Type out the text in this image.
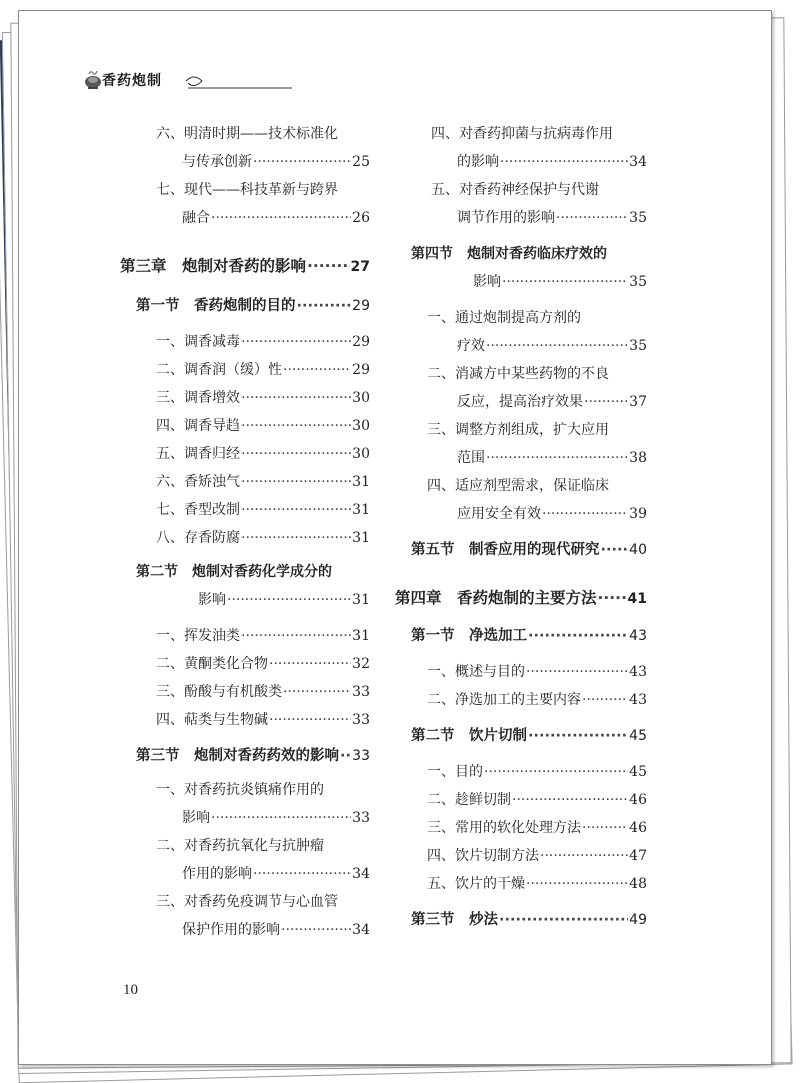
香药炮制
六、明清时期——技术标准化
与传承创新 ·····	25
七、现代——科技革新与跨界
融合 ·····	26
第三章　炮制对香药的影响 ·····	27
第一节　香药炮制的目的 ·····	29
一、调香减毒 ·····	29
二、调香润（缓）性 ·····	29
三、调香增效 ·····	30
四、调香导趋 ·····	30
五、调香归经 ·····	30
六、香矫浊气 ·····	31
七、香型改制 ·····	31
八、存香防腐 ·····	31
第二节　炮制对香药化学成分的
影响 ·····	31
一、挥发油类 ·····	31
二、黄酮类化合物 ·····	32
三、酚酸与有机酸类 ·····	33
四、萜类与生物碱 ·····	33
第三节　炮制对香药药效的影响 ····· 33
一、对香药抗炎镇痛作用的
影响 ·····	33
二、对香药抗氧化与抗肿瘤
作用的影响 ·····	34
三、对香药免疫调节与心血管
保护作用的影响 ·····	34
四、对香药抑菌与抗病毒作用
的影响 ·····	34
五、对香药神经保护与代谢
调节作用的影响 ·····	35
第四节　炮制对香药临床疗效的
影响 ·····	35
一、通过炮制提高方剂的
疗效 ·····	35
二、消减方中某些药物的不良
反应，提高治疗效果 ·····	37
三、调整方剂组成，扩大应用
范围 ·····	38
四、适应剂型需求，保证临床
应用安全有效 ·····	39
第五节　制香应用的现代研究 ····· 40
第四章　香药炮制的主要方法 ····· 41
第一节　净选加工 ·····	43
一、概述与目的 ·····	43
二、净选加工的主要内容 ·····	43
第二节　饮片切制 ·····	45
一、目的 ·····	45
二、趁鲜切制 ·····	46
三、常用的软化处理方法 ·····	46
四、饮片切制方法 ·····	47
五、饮片的干燥 ·····	48
第三节　炒法 ·····	49
10
